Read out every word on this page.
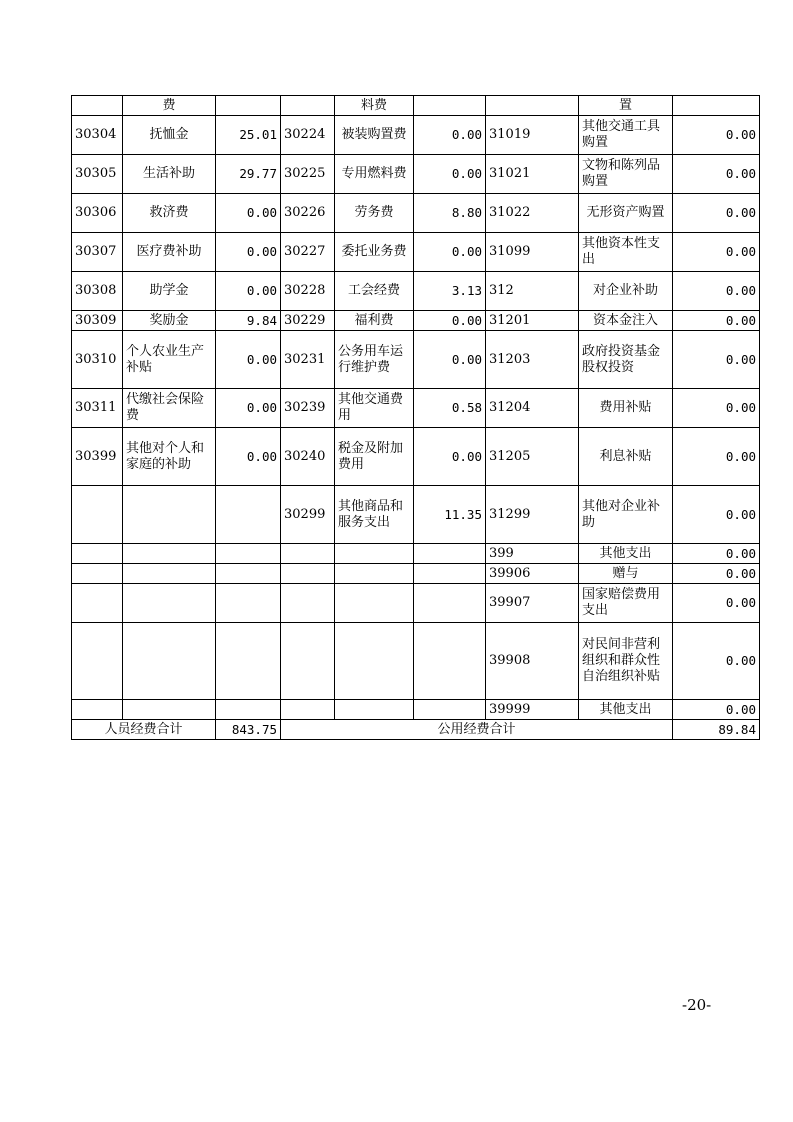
	费			料费			置	
30304	抚恤金	25.01	30224	被装购置费	0.00	31019	其他交通工具购置	0.00
30305	生活补助	29.77	30225	专用燃料费	0.00	31021	文物和陈列品购置	0.00
30306	救济费	0.00	30226	劳务费	8.80	31022	无形资产购置	0.00
30307	医疗费补助	0.00	30227	委托业务费	0.00	31099	其他资本性支出	0.00
30308	助学金	0.00	30228	工会经费	3.13	312	对企业补助	0.00
30309	奖励金	9.84	30229	福利费	0.00	31201	资本金注入	0.00
30310	个人农业生产补贴	0.00	30231	公务用车运行维护费	0.00	31203	政府投资基金股权投资	0.00
30311	代缴社会保险费	0.00	30239	其他交通费用	0.58	31204	费用补贴	0.00
30399	其他对个人和家庭的补助	0.00	30240	税金及附加费用	0.00	31205	利息补贴	0.00
			30299	其他商品和服务支出	11.35	31299	其他对企业补助	0.00
						399	其他支出	0.00
						39906	赠与	0.00
						39907	国家赔偿费用支出	0.00
						39908	对民间非营利组织和群众性自治组织补贴	0.00
						39999	其他支出	0.00
人员经费合计		843.75	公用经费合计					89.84
-20-
